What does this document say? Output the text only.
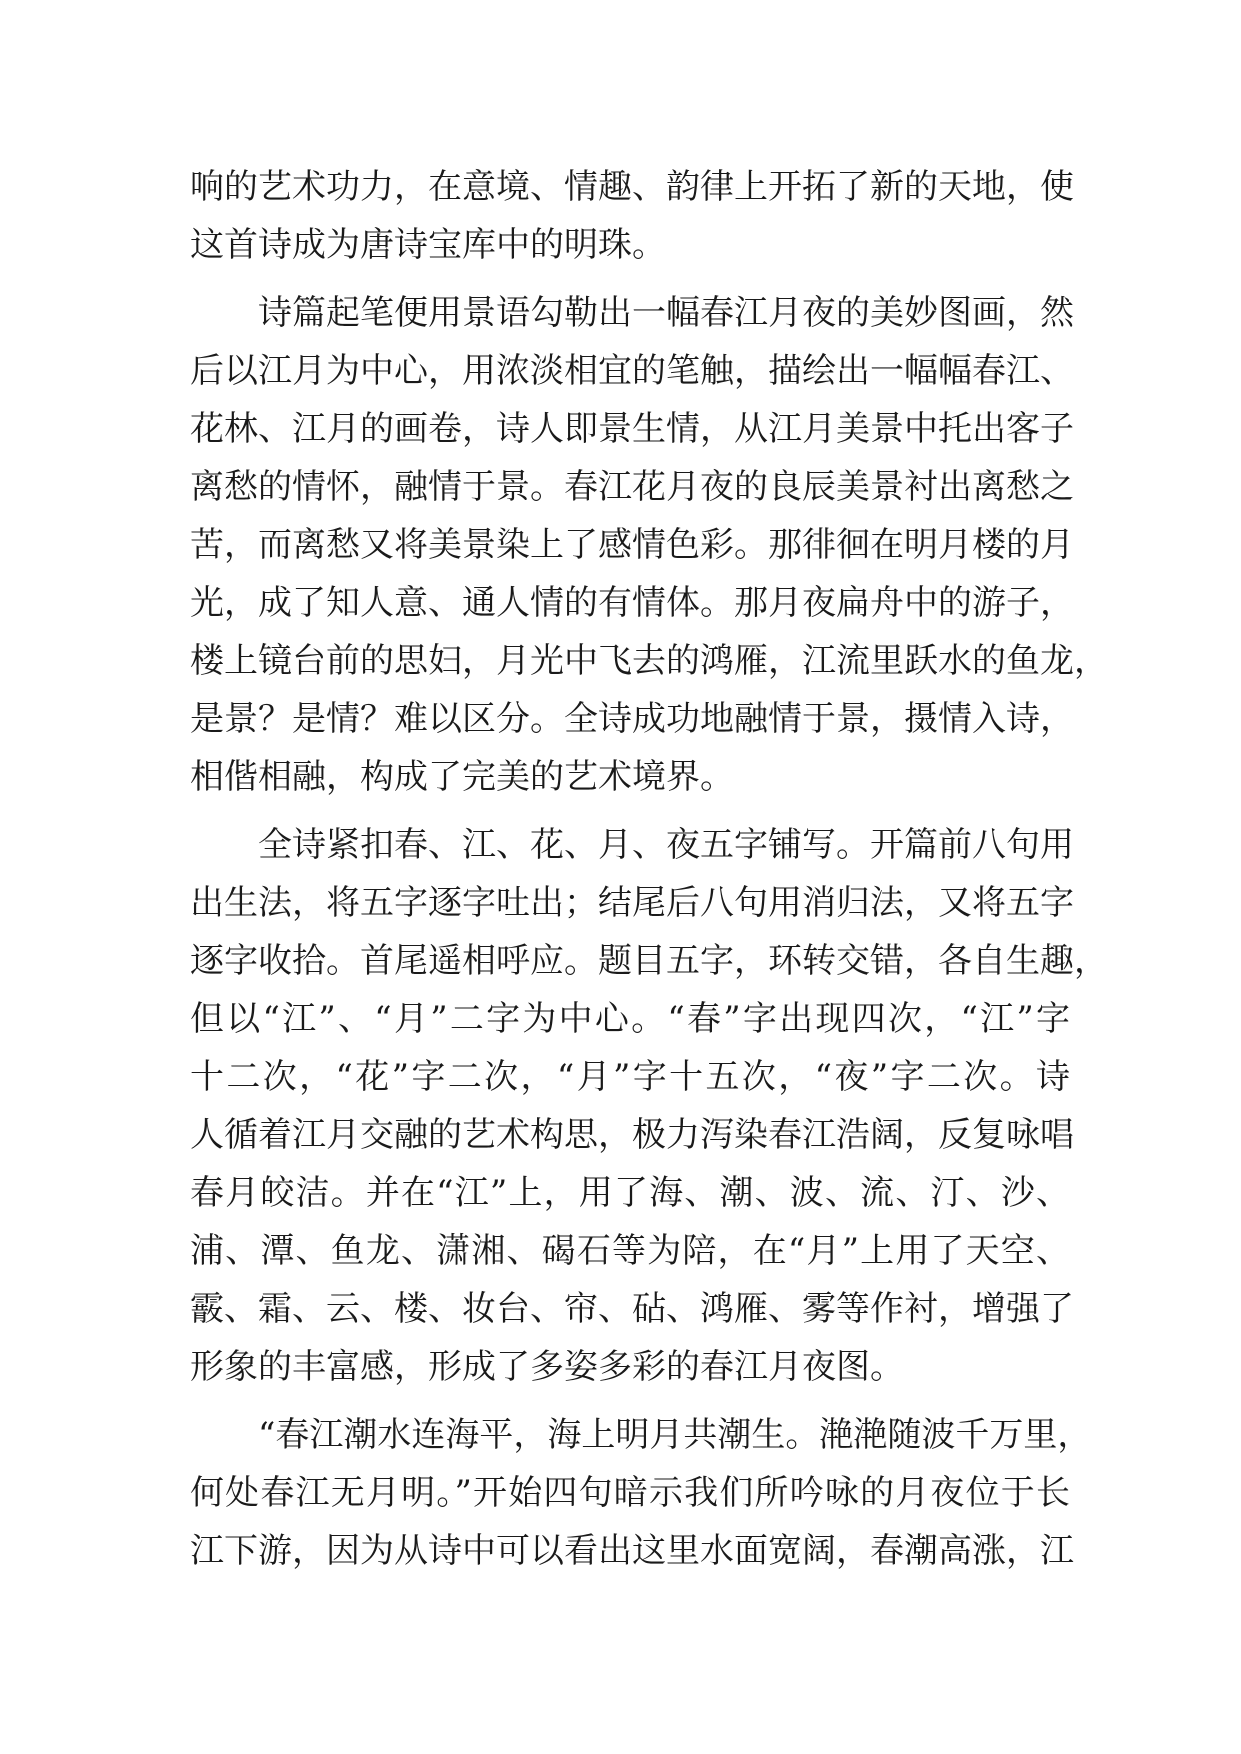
响的艺术功力，在意境、情趣、韵律上开拓了新的天地，使
这首诗成为唐诗宝库中的明珠。
诗篇起笔便用景语勾勒出一幅春江月夜的美妙图画，然
后以江月为中心，用浓淡相宜的笔触，描绘出一幅幅春江、
花林、江月的画卷，诗人即景生情，从江月美景中托出客子
离愁的情怀，融情于景。春江花月夜的良辰美景衬出离愁之
苦，而离愁又将美景染上了感情色彩。那徘徊在明月楼的月
光，成了知人意、通人情的有情体。那月夜扁舟中的游子，
楼上镜台前的思妇，月光中飞去的鸿雁，江流里跃水的鱼龙，
是景？是情？难以区分。全诗成功地融情于景，摄情入诗，
相偕相融，构成了完美的艺术境界。
全诗紧扣春、江、花、月、夜五字铺写。开篇前八句用
出生法，将五字逐字吐出；结尾后八句用消归法，又将五字
逐字收拾。首尾遥相呼应。题目五字，环转交错，各自生趣，
但以“江”、“月”二字为中心。“春”字出现四次，“江”字
十二次，“花”字二次，“月”字十五次，“夜”字二次。诗
人循着江月交融的艺术构思，极力泻染春江浩阔，反复咏唱
春月皎洁。并在“江”上，用了海、潮、波、流、汀、沙、
浦、潭、鱼龙、潇湘、碣石等为陪，在“月”上用了天空、
霰、霜、云、楼、妆台、帘、砧、鸿雁、雾等作衬，增强了
形象的丰富感，形成了多姿多彩的春江月夜图。
“春江潮水连海平，海上明月共潮生。滟滟随波千万里，
何处春江无月明。”开始四句暗示我们所吟咏的月夜位于长
江下游，因为从诗中可以看出这里水面宽阔，春潮高涨，江
